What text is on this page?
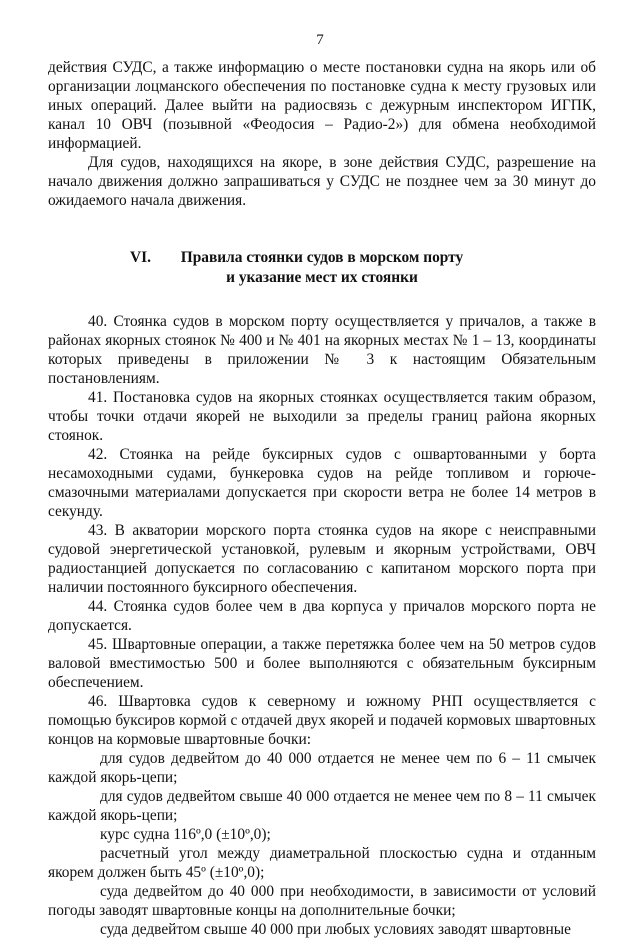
7

действия СУДС, а также информацию о месте постановки судна на якорь или об организации лоцманского обеспечения по постановке судна к месту грузовых или иных операций. Далее выйти на радиосвязь с дежурным инспектором ИГПК, канал 10 ОВЧ (позывной «Феодосия – Радио-2») для обмена необходимой информацией.

Для судов, находящихся на якоре, в зоне действия СУДС, разрешение на начало движения должно запрашиваться у СУДС не позднее чем за 30 минут до ожидаемого начала движения.

VI. Правила стоянки судов в морском порту
и указание мест их стоянки

40. Стоянка судов в морском порту осуществляется у причалов, а также в районах якорных стоянок № 400 и № 401 на якорных местах № 1 – 13, координаты которых приведены в приложении № 3 к настоящим Обязательным постановлениям.

41. Постановка судов на якорных стоянках осуществляется таким образом, чтобы точки отдачи якорей не выходили за пределы границ района якорных стоянок.

42. Стоянка на рейде буксирных судов с ошвартованными у борта несамоходными судами, бункеровка судов на рейде топливом и горюче-смазочными материалами допускается при скорости ветра не более 14 метров в секунду.

43. В акватории морского порта стоянка судов на якоре с неисправными судовой энергетической установкой, рулевым и якорным устройствами, ОВЧ радиостанцией допускается по согласованию с капитаном морского порта при наличии постоянного буксирного обеспечения.

44. Стоянка судов более чем в два корпуса у причалов морского порта не допускается.

45. Швартовные операции, а также перетяжка более чем на 50 метров судов валовой вместимостью 500 и более выполняются с обязательным буксирным обеспечением.

46. Швартовка судов к северному и южному РНП осуществляется с помощью буксиров кормой с отдачей двух якорей и подачей кормовых швартовных концов на кормовые швартовные бочки:

для судов дедвейтом до 40 000 отдается не менее чем по 6 – 11 смычек каждой якорь-цепи;

для судов дедвейтом свыше 40 000 отдается не менее чем по 8 – 11 смычек каждой якорь-цепи;

курс судна 116º,0 (±10º,0);

расчетный угол между диаметральной плоскостью судна и отданным якорем должен быть 45º (±10º,0);

суда дедвейтом до 40 000 при необходимости, в зависимости от условий погоды заводят швартовные концы на дополнительные бочки;

суда дедвейтом свыше 40 000 при любых условиях заводят швартовные
